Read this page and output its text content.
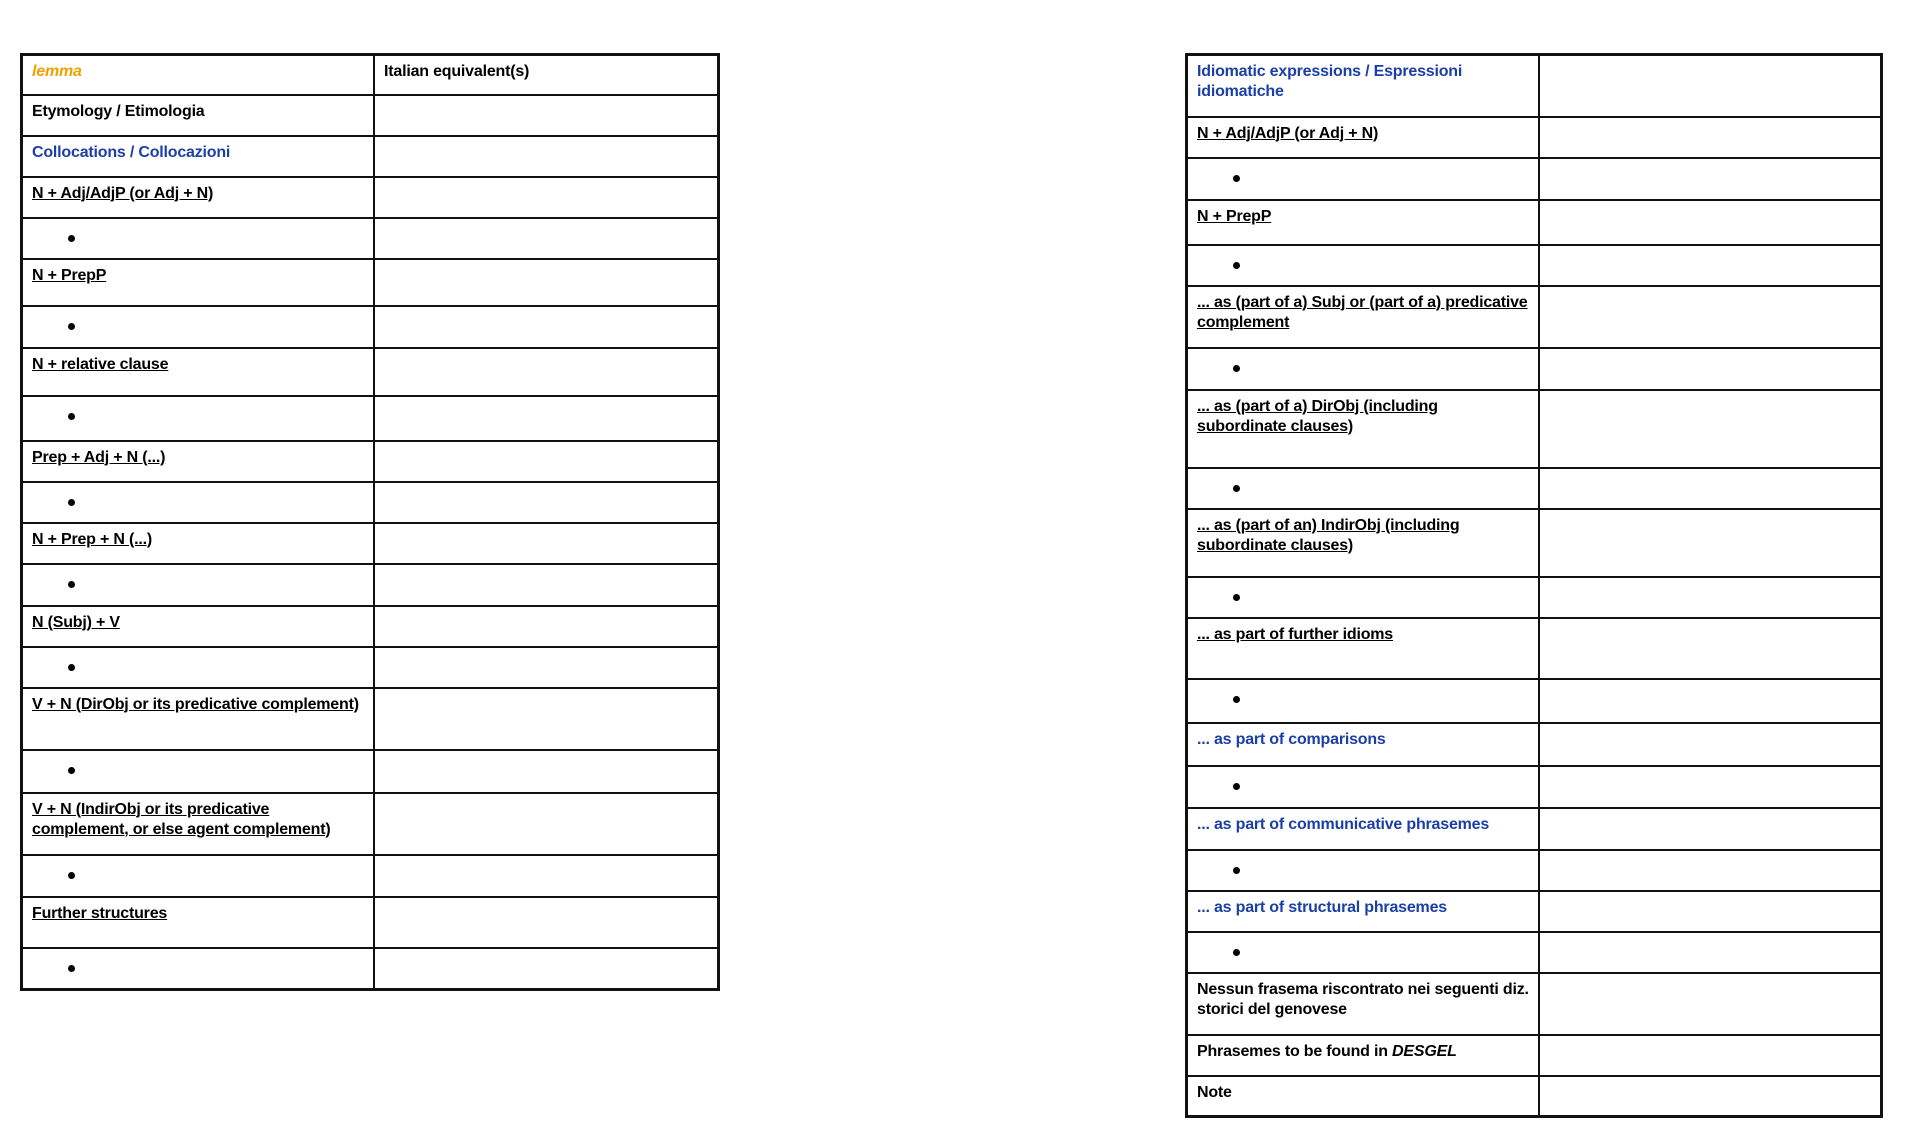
lemma	Italian equivalent(s)
Etymology / Etimologia	
Collocations / Collocazioni	
N + Adj/AdjP (or Adj + N)	

N + PrepP	

N + relative clause	

Prep + Adj + N (...)	

N + Prep + N (...)	

N (Subj) + V	

V + N (DirObj or its predicative complement)	

V + N (IndirObj or its predicative complement, or else agent complement)	

Further structures	

Idiomatic expressions / Espressioni idiomatiche	
N + Adj/AdjP (or Adj + N)	

N + PrepP	

... as (part of a) Subj or (part of a) predicative complement	

... as (part of a) DirObj (including subordinate clauses)	

... as (part of an) IndirObj (including subordinate clauses)	

... as part of further idioms	

... as part of comparisons	

... as part of communicative phrasemes	

... as part of structural phrasemes	

Nessun frasema riscontrato nei seguenti diz. storici del genovese	
Phrasemes to be found in DESGEL	
Note	
